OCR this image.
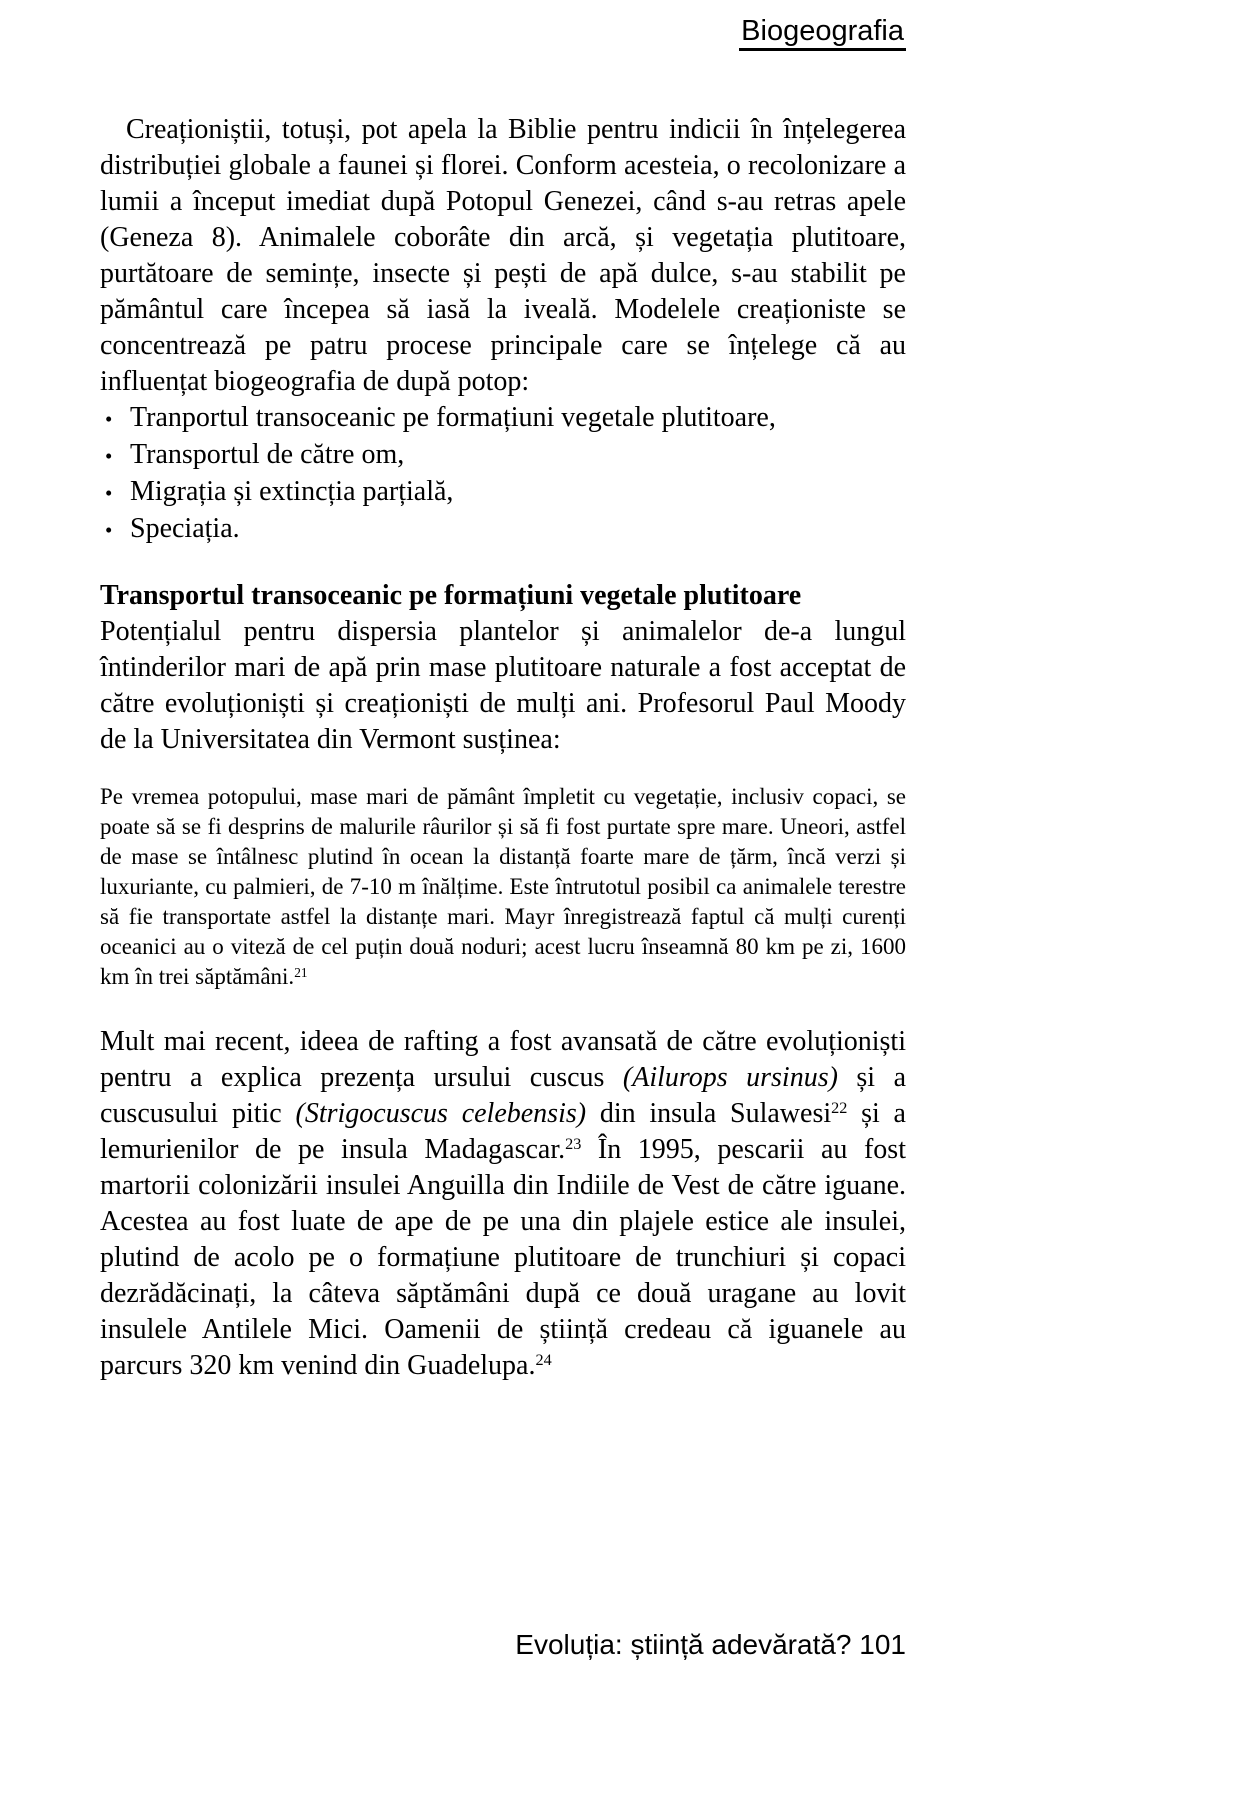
Biogeografia

Creaționiștii, totuși, pot apela la Biblie pentru indicii în înțelegerea distribuției globale a faunei și florei. Conform acesteia, o recolonizare a lumii a început imediat după Potopul Genezei, când s-au retras apele (Geneza 8). Animalele coborâte din arcă, și vegetația plutitoare, purtătoare de semințe, insecte și pești de apă dulce, s-au stabilit pe pământul care începea să iasă la iveală. Modelele creaționiste se concentrează pe patru procese principale care se înțelege că au influențat biogeografia de după potop:

• Tranportul transoceanic pe formațiuni vegetale plutitoare,
• Transportul de către om,
• Migrația și extincția parțială,
• Speciația.
Transportul transoceanic pe formațiuni vegetale plutitoare

Potențialul pentru dispersia plantelor și animalelor de-a lungul întinderilor mari de apă prin mase plutitoare naturale a fost acceptat de către evoluționiști și creaționiști de mulți ani. Profesorul Paul Moody de la Universitatea din Vermont susținea:

Pe vremea potopului, mase mari de pământ împletit cu vegetație, inclusiv copaci, se poate să se fi desprins de malurile râurilor și să fi fost purtate spre mare. Uneori, astfel de mase se întâlnesc plutind în ocean la distanță foarte mare de țărm, încă verzi și luxuriante, cu palmieri, de 7-10 m înălțime. Este întrutotul posibil ca animalele terestre să fie transportate astfel la distanțe mari. Mayr înregistrează faptul că mulți curenți oceanici au o viteză de cel puțin două noduri; acest lucru înseamnă 80 km pe zi, 1600 km în trei săptămâni.$^{21}$

Mult mai recent, ideea de rafting a fost avansată de către evoluționiști pentru a explica prezența ursului cuscus (Ailurops ursinus) și a cuscusului pitic (Strigocuscus celebensis) din insula Sulawesi$^{22}$ și a lemurienilor de pe insula Madagascar.$^{23}$ În 1995, pescarii au fost martorii colonizării insulei Anguilla din Indiile de Vest de către iguane. Acestea au fost luate de ape de pe una din plajele estice ale insulei, plutind de acolo pe o formațiune plutitoare de trunchiuri și copaci dezrădăcinați, la câteva săptămâni după ce două uragane au lovit insulele Antilele Mici. Oamenii de știință credeau că iguanele au parcurs 320 km venind din Guadelupa.$^{24}$

Evoluția: știință adevărată? 101
